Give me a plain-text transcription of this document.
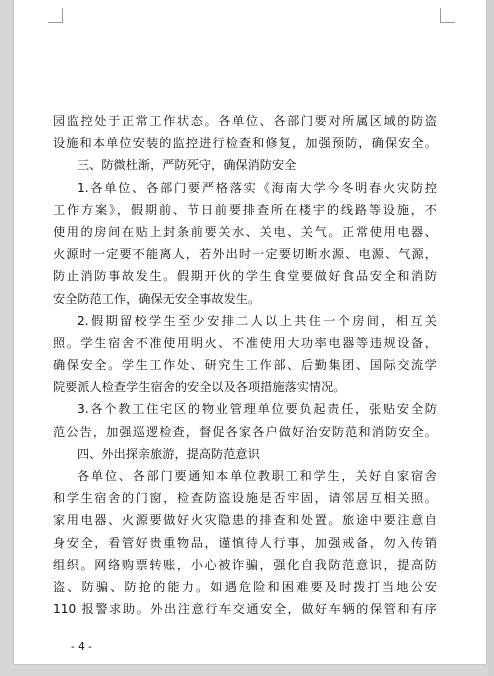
园监控处于正常工作状态。各单位、各部门要对所属区域的防盗
设施和本单位安装的监控进行检查和修复，加强预防，确保安全。
三、防微杜渐，严防死守，确保消防安全
1.各单位、各部门要严格落实《海南大学今冬明春火灾防控
工作方案》，假期前、节日前要排查所在楼宇的线路等设施，不
使用的房间在贴上封条前要关水、关电、关气。正常使用电器、
火源时一定要不能离人，若外出时一定要切断水源、电源、气源，
防止消防事故发生。假期开伙的学生食堂要做好食品安全和消防
安全防范工作，确保无安全事故发生。
2.假期留校学生至少安排二人以上共住一个房间，相互关
照。学生宿舍不准使用明火、不准使用大功率电器等违规设备，
确保安全。学生工作处、研究生工作部、后勤集团、国际交流学
院要派人检查学生宿舍的安全以及各项措施落实情况。
3.各个教工住宅区的物业管理单位要负起责任，张贴安全防
范公告，加强巡逻检查，督促各家各户做好治安防范和消防安全。
四、外出探亲旅游，提高防范意识
各单位、各部门要通知本单位教职工和学生，关好自家宿舍
和学生宿舍的门窗，检查防盗设施是否牢固，请邻居互相关照。
家用电器、火源要做好火灾隐患的排查和处置。旅途中要注意自
身安全，看管好贵重物品，谨慎待人行事，加强戒备，勿入传销
组织。网络购票转账，小心被诈骗，强化自我防范意识，提高防
盗、防骗、防抢的能力。如遇危险和困难要及时拨打当地公安
110 报警求助。外出注意行车交通安全，做好车辆的保管和有序
- 4 -
